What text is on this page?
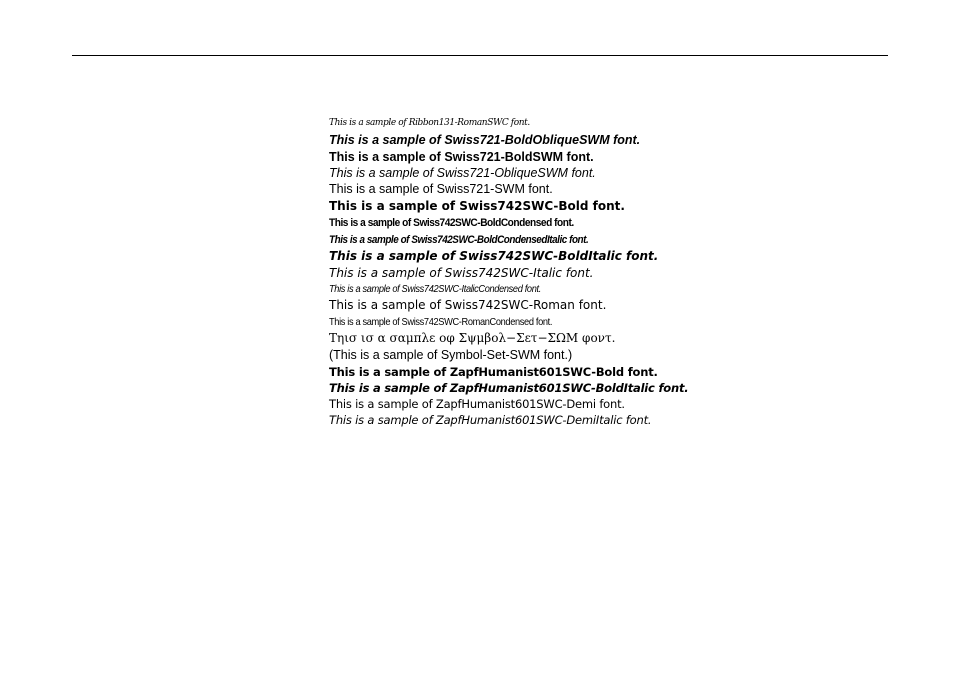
This is a sample of Ribbon131-RomanSWC font.
This is a sample of Swiss721-BoldObliqueSWM font.
This is a sample of Swiss721-BoldSWM font.
This is a sample of Swiss721-ObliqueSWM font.
This is a sample of Swiss721-SWM font.
This is a sample of Swiss742SWC-Bold font.
This is a sample of Swiss742SWC-BoldCondensed font.
This is a sample of Swiss742SWC-BoldCondensedItalic font.
This is a sample of Swiss742SWC-BoldItalic font.
This is a sample of Swiss742SWC-Italic font.
This is a sample of Swiss742SWC-ItalicCondensed font.
This is a sample of Swiss742SWC-Roman font.
This is a sample of Swiss742SWC-RomanCondensed font.
Τηισ ισ α σαμπλε οφ Σψμβολ−Σετ−ΣΩΜ φοντ.
(This is a sample of Symbol-Set-SWM font.)
This is a sample of ZapfHumanist601SWC-Bold font.
This is a sample of ZapfHumanist601SWC-BoldItalic font.
This is a sample of ZapfHumanist601SWC-Demi font.
This is a sample of ZapfHumanist601SWC-DemiItalic font.
